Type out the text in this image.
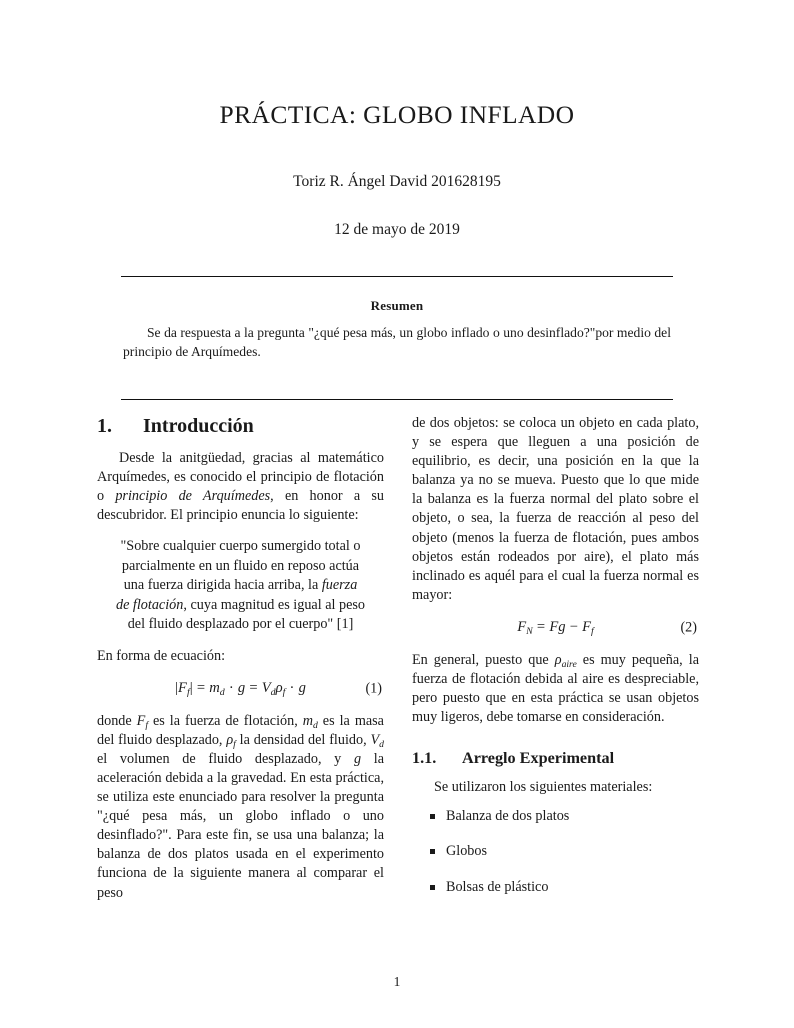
PRÁCTICA: GLOBO INFLADO

Toriz R. Ángel David 201628195

12 de mayo de 2019

Resumen
Se da respuesta a la pregunta "¿qué pesa más, un globo inflado o uno desinflado?"por medio del principio de Arquímedes.
1.	Introducción

Desde la anitgüedad, gracias al matemático Arquímedes, es conocido el principio de flotación o principio de Arquímedes, en honor a su descubridor. El principio enuncia lo siguiente:

"Sobre cualquier cuerpo sumergido total o
parcialmente en un fluido en reposo actúa
una fuerza dirigida hacia arriba, la fuerza
de flotación, cuya magnitud es igual al peso
del fluido desplazado por el cuerpo" [1]

En forma de ecuación:

$|F_f| = m_d \cdot g = V_d\rho_f \cdot g$	(1)

donde $F_f$ es la fuerza de flotación, $m_d$ es la masa del fluido desplazado, $\rho_f$ la densidad del fluido, $V_d$ el volumen de fluido desplazado, y g la aceleración debida a la gravedad. En esta práctica, se utiliza este enunciado para resolver la pregunta "¿qué pesa más, un globo inflado o uno desinflado?". Para este fin, se usa una balanza; la balanza de dos platos usada en el experimento funciona de la siguiente manera al comparar el peso

de dos objetos: se coloca un objeto en cada plato, y se espera que lleguen a una posición de equilibrio, es decir, una posición en la que la balanza ya no se mueva. Puesto que lo que mide la balanza es la fuerza normal del plato sobre el objeto, o sea, la fuerza de reacción al peso del objeto (menos la fuerza de flotación, pues ambos objetos están rodeados por aire), el plato más inclinado es aquél para el cual la fuerza normal es mayor:

$F_N = Fg - F_f$	(2)

En general, puesto que $\rho_{aire}$ es muy pequeña, la fuerza de flotación debida al aire es despreciable, pero puesto que en esta práctica se usan objetos muy ligeros, debe tomarse en consideración.

1.1.	Arreglo Experimental

Se utilizaron los siguientes materiales:

Balanza de dos platos
Globos
Bolsas de plástico
1
